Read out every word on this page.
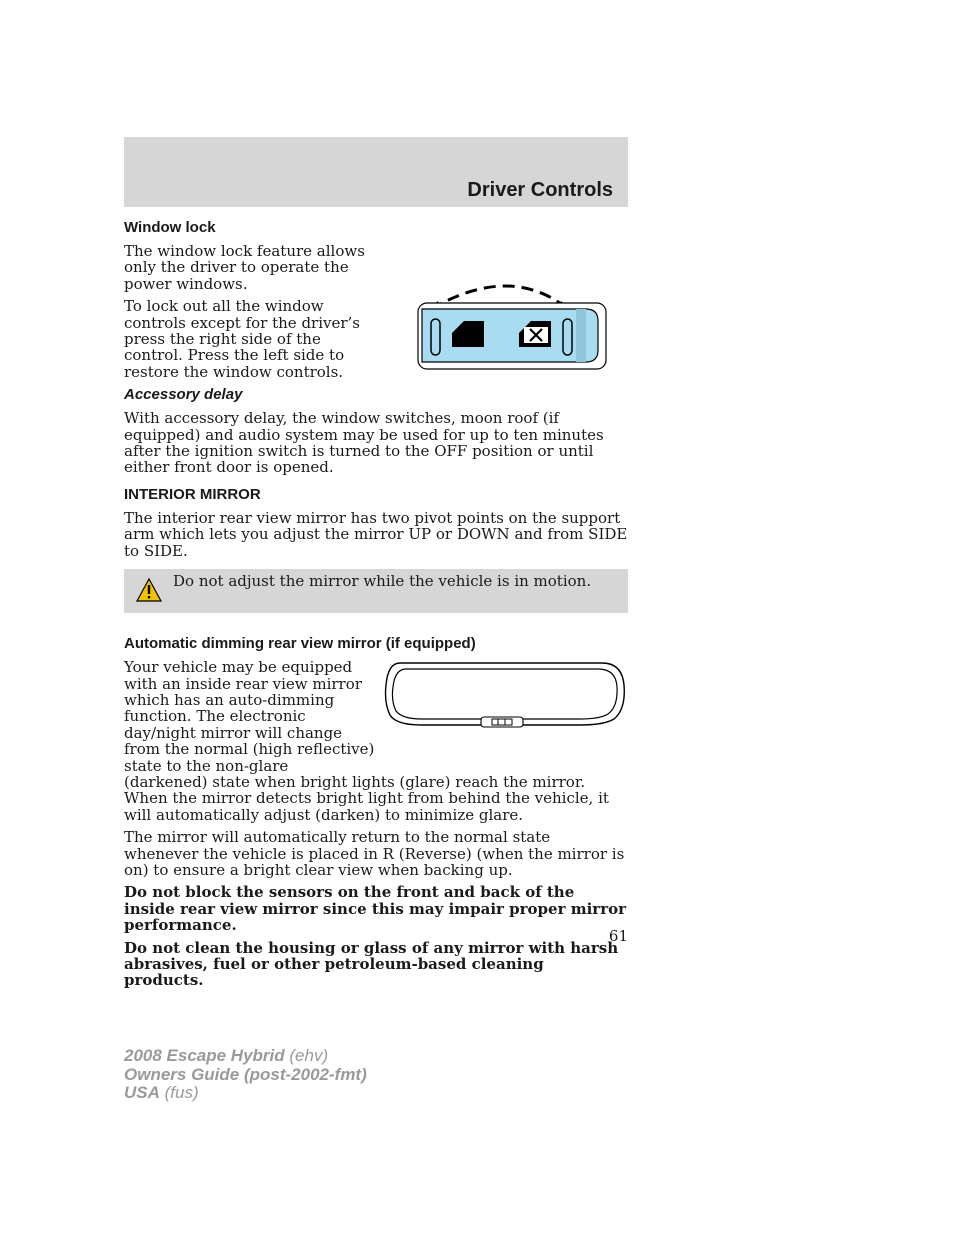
Driver Controls
Window lock

The window lock feature allows only the driver to operate the power windows.

To lock out all the window controls except for the driver’s press the right side of the control. Press the left side to restore the window controls.

Accessory delay

With accessory delay, the window switches, moon roof (if equipped) and audio system may be used for up to ten minutes after the ignition switch is turned to the OFF position or until either front door is opened.

INTERIOR MIRROR

The interior rear view mirror has two pivot points on the support arm which lets you adjust the mirror UP or DOWN and from SIDE to SIDE.

Do not adjust the mirror while the vehicle is in motion.
Automatic dimming rear view mirror (if equipped)

Your vehicle may be equipped with an inside rear view mirror which has an auto-dimming function. The electronic day/night mirror will change from the normal (high reflective) state to the non-glare

(darkened) state when bright lights (glare) reach the mirror. When the mirror detects bright light from behind the vehicle, it will automatically adjust (darken) to minimize glare.

The mirror will automatically return to the normal state whenever the vehicle is placed in R (Reverse) (when the mirror is on) to ensure a bright clear view when backing up.

Do not block the sensors on the front and back of the inside rear view mirror since this may impair proper mirror performance.

Do not clean the housing or glass of any mirror with harsh abrasives, fuel or other petroleum-based cleaning products.

61
2008 Escape Hybrid (ehv)
Owners Guide (post-2002-fmt)
USA (fus)
